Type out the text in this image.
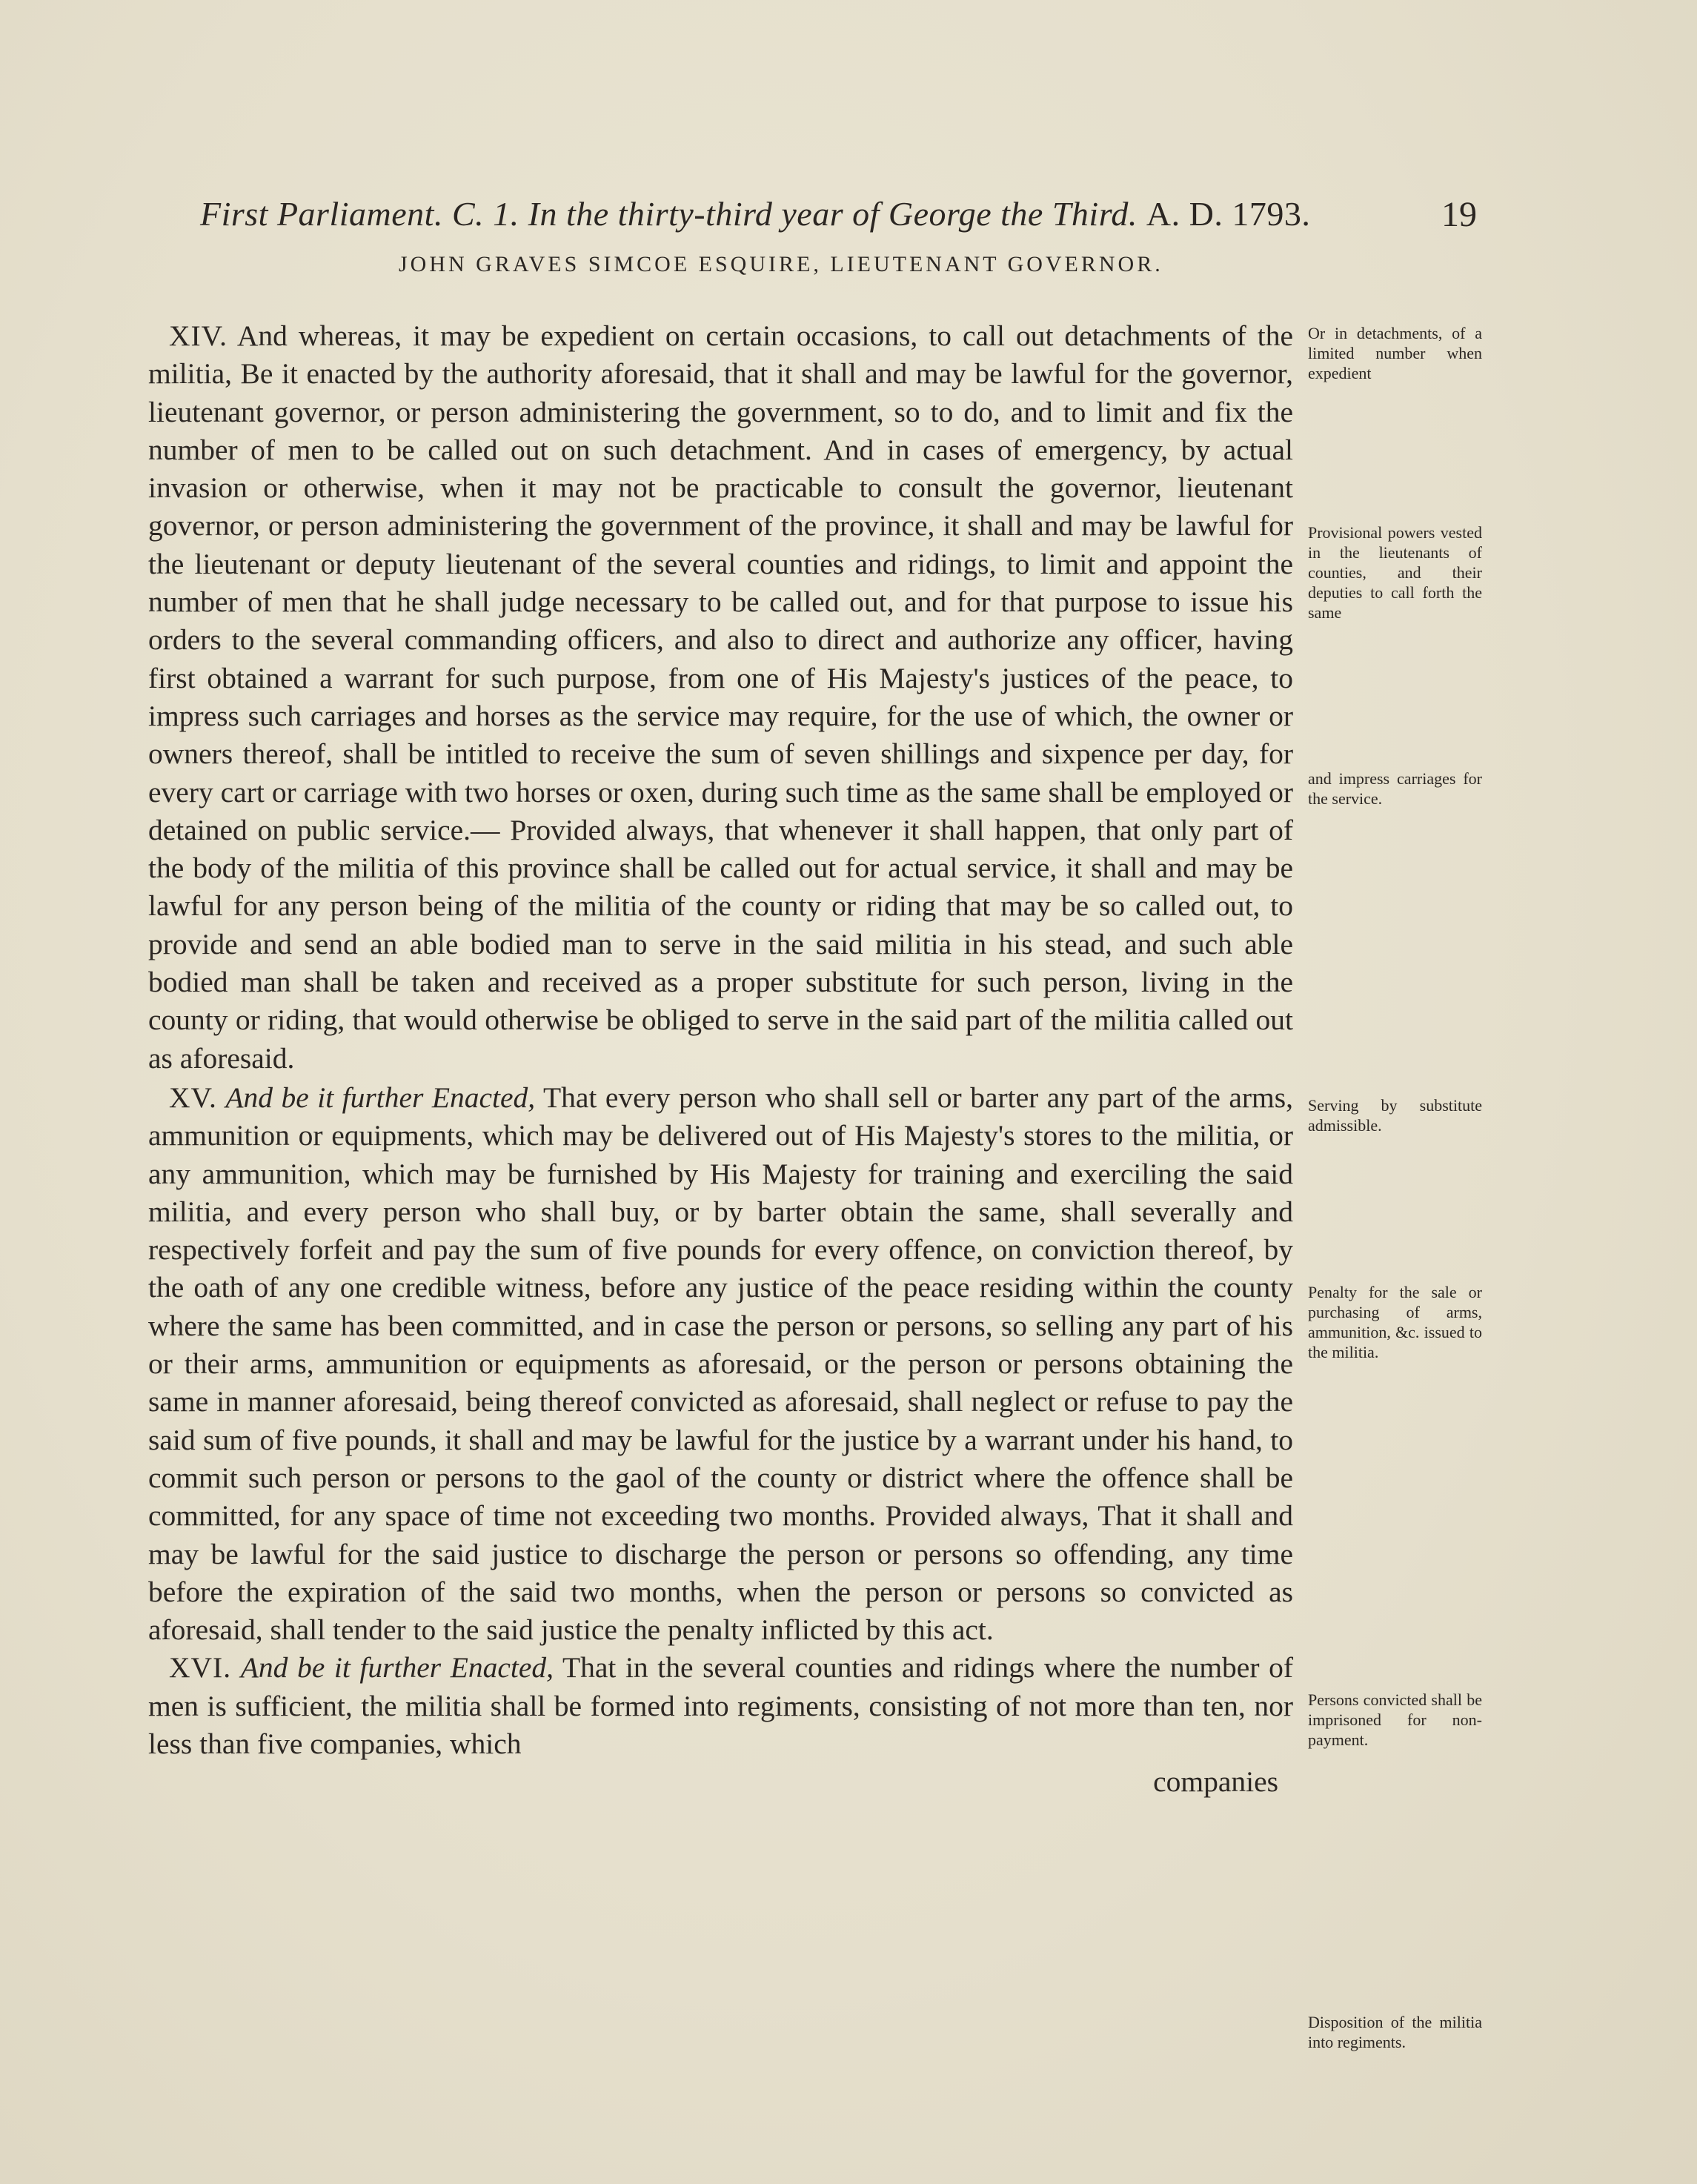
First Parliament. C. 1. In the thirty-third year of George the Third. A. D. 1793.	19
JOHN GRAVES SIMCOE ESQUIRE, LIEUTENANT GOVERNOR.

XIV. And whereas, it may be expedient on certain occasions, to call out detachments of the militia, Be it enacted by the authority aforesaid, that it shall and may be lawful for the governor, lieutenant governor, or person administering the government, so to do, and to limit and fix the number of men to be called out on such detachment. And in cases of emergency, by actual invasion or otherwise, when it may not be practicable to consult the governor, lieutenant governor, or person administering the government of the province, it shall and may be lawful for the lieutenant or deputy lieutenant of the several counties and ridings, to limit and appoint the number of men that he shall judge necessary to be called out, and for that purpose to issue his orders to the several commanding officers, and also to direct and authorize any officer, having first obtained a warrant for such purpose, from one of His Majesty's justices of the peace, to impress such carriages and horses as the service may require, for the use of which, the owner or owners thereof, shall be intitled to receive the sum of seven shillings and sixpence per day, for every cart or carriage with two horses or oxen, during such time as the same shall be employed or detained on public service.— Provided always, that whenever it shall happen, that only part of the body of the militia of this province shall be called out for actual service, it shall and may be lawful for any person being of the militia of the county or riding that may be so called out, to provide and send an able bodied man to serve in the said militia in his stead, and such able bodied man shall be taken and received as a proper substitute for such person, living in the county or riding, that would otherwise be obliged to serve in the said part of the militia called out as aforesaid.

XV. And be it further Enacted, That every person who shall sell or barter any part of the arms, ammunition or equipments, which may be delivered out of His Majesty's stores to the militia, or any ammunition, which may be furnished by His Majesty for training and exerciling the said militia, and every person who shall buy, or by barter obtain the same, shall severally and respectively forfeit and pay the sum of five pounds for every offence, on conviction thereof, by the oath of any one credible witness, before any justice of the peace residing within the county where the same has been committed, and in case the person or persons, so selling any part of his or their arms, ammunition or equipments as aforesaid, or the person or persons obtaining the same in manner aforesaid, being thereof convicted as aforesaid, shall neglect or refuse to pay the said sum of five pounds, it shall and may be lawful for the justice by a warrant under his hand, to commit such person or persons to the gaol of the county or district where the offence shall be committed, for any space of time not exceeding two months. Provided always, That it shall and may be lawful for the said justice to discharge the person or persons so offending, any time before the expiration of the said two months, when the person or persons so convicted as aforesaid, shall tender to the said justice the penalty inflicted by this act.

XVI. And be it further Enacted, That in the several counties and ridings where the number of men is sufficient, the militia shall be formed into regiments, consisting of not more than ten, nor less than five companies, which

companies
Or in detachments, of a limited number when expedient
Provisional powers vested in the lieutenants of counties, and their deputies to call forth the same
and impress carriages for the service.
Serving by substitute admissible.
Penalty for the sale or purchasing of arms, ammunition, &c. issued to the militia.
Persons convicted shall be imprisoned for non-payment.
Disposition of the militia into regiments.
